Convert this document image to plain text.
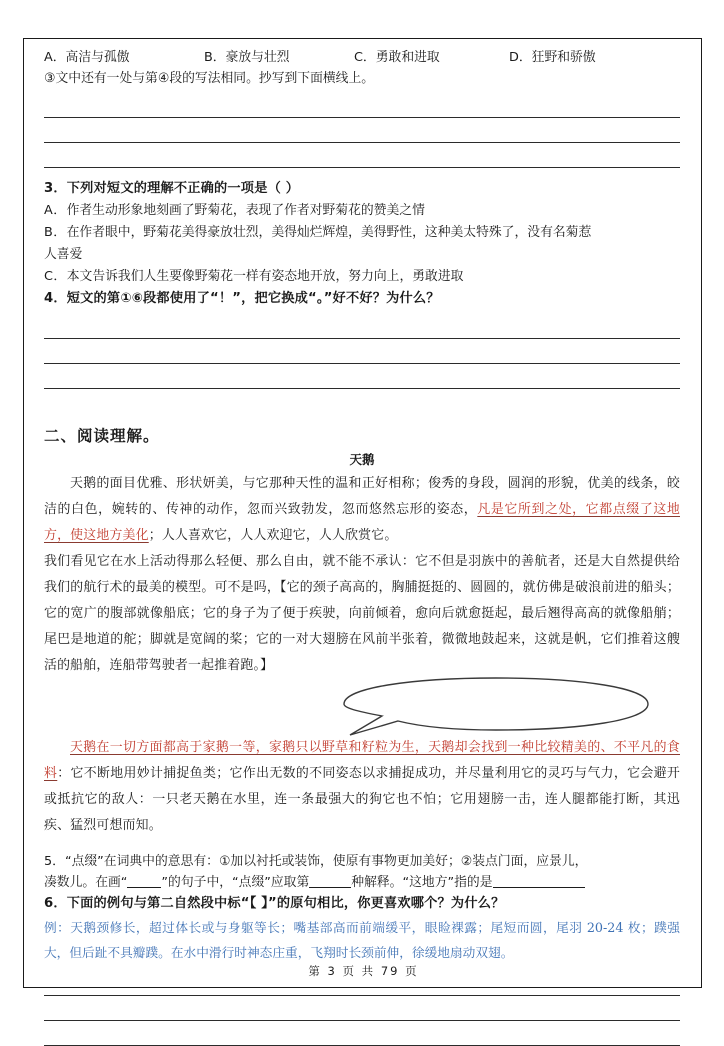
A．高洁与孤傲	B．豪放与壮烈	C．勇敢和进取	D．狂野和骄傲
③文中还有一处与第④段的写法相同。抄写到下面横线上。
3．下列对短文的理解不正确的一项是（ ）
A．作者生动形象地刻画了野菊花，表现了作者对野菊花的赞美之情
B．在作者眼中，野菊花美得豪放壮烈，美得灿烂辉煌，美得野性，这种美太特殊了，没有名菊惹
人喜爱
C．本文告诉我们人生要像野菊花一样有姿态地开放，努力向上，勇敢进取
4．短文的第①⑥段都使用了“！”，把它换成“。”好不好？为什么？
二、阅读理解。
天鹅
天鹅的面目优雅、形状妍美，与它那种天性的温和正好相称；俊秀的身段，圆润的形貌，优美的线条，皎洁的白色，婉转的、传神的动作，忽而兴致勃发，忽而悠然忘形的姿态，凡是它所到之处，它都点缀了这地方，使这地方美化；人人喜欢它，人人欢迎它，人人欣赏它。
我们看见它在水上活动得那么轻便、那么自由，就不能不承认：它不但是羽族中的善航者，还是大自然提供给我们的航行术的最美的模型。可不是吗，【它的颈子高高的，胸脯挺挺的、圆圆的，就仿佛是破浪前进的船头；它的宽广的腹部就像船底；它的身子为了便于疾驶，向前倾着，愈向后就愈挺起，最后翘得高高的就像船艄；尾巴是地道的舵；脚就是宽阔的桨；它的一对大翅膀在风前半张着，微微地鼓起来，这就是帆，它们推着这艘活的船舶，连船带驾驶者一起推着跑。】
天鹅在一切方面都高于家鹅一等，家鹅只以野草和籽粒为生，天鹅却会找到一种比较精美的、不平凡的食料：它不断地用妙计捕捉鱼类；它作出无数的不同姿态以求捕捉成功，并尽量利用它的灵巧与气力，它会避开或抵抗它的敌人：一只老天鹅在水里，连一条最强大的狗它也不怕；它用翅膀一击，连人腿都能打断，其迅疾、猛烈可想而知。
5．“点缀”在词典中的意思有：①加以衬托或装饰，使原有事物更加美好；②装点门面，应景儿，
凑数儿。在画“	”的句子中，“点缀”应取第	种解释。“这地方”指的是
6．下面的例句与第二自然段中标“【 】”的原句相比，你更喜欢哪个？为什么？
例：天鹅颈修长，超过体长或与身躯等长；嘴基部高而前端缓平，眼睑裸露；尾短而圆，尾羽 20-24 枚；蹼强大，但后趾不具瓣蹼。在水中滑行时神态庄重，飞翔时长颈前伸，徐缓地扇动双翅。
第 3 页 共 79 页
